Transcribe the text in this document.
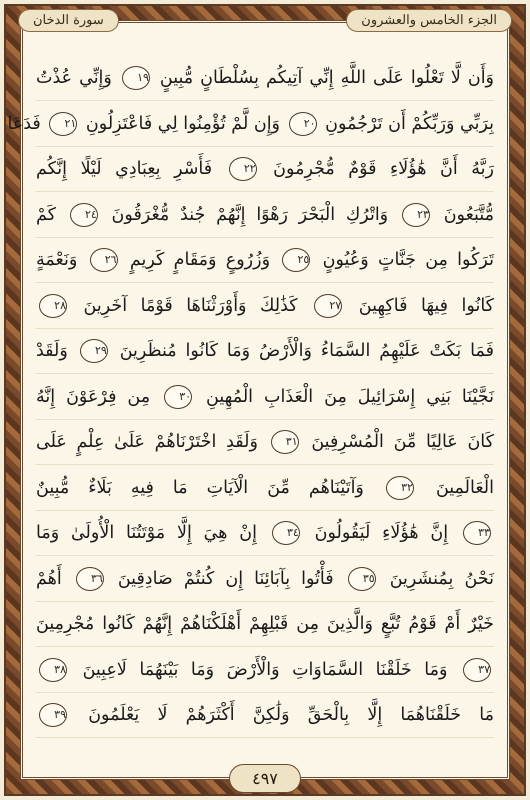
الجزء الخامس والعشرون
سورة الدخان
وَأَن لَّا تَعْلُوا عَلَى اللَّهِ إِنِّي آتِيكُم بِسُلْطَانٍ مُّبِينٍ ١٩ وَإِنِّي عُذْتُ
بِرَبِّي وَرَبِّكُمْ أَن تَرْجُمُونِ ٢٠ وَإِن لَّمْ تُؤْمِنُوا لِي فَاعْتَزِلُونِ ٢١ فَدَعَا
رَبَّهُ أَنَّ هَٰؤُلَاءِ قَوْمٌ مُّجْرِمُونَ ٢٢ فَأَسْرِ بِعِبَادِي لَيْلًا إِنَّكُم
مُّتَّبَعُونَ ٢٣ وَاتْرُكِ الْبَحْرَ رَهْوًا إِنَّهُمْ جُندٌ مُّغْرَقُونَ ٢٤ كَمْ
تَرَكُوا مِن جَنَّاتٍ وَعُيُونٍ ٢٥ وَزُرُوعٍ وَمَقَامٍ كَرِيمٍ ٢٦ وَنَعْمَةٍ
كَانُوا فِيهَا فَاكِهِينَ ٢٧ كَذَٰلِكَ وَأَوْرَثْنَاهَا قَوْمًا آخَرِينَ ٢٨
فَمَا بَكَتْ عَلَيْهِمُ السَّمَاءُ وَالْأَرْضُ وَمَا كَانُوا مُنظَرِينَ ٢٩ وَلَقَدْ
نَجَّيْنَا بَنِي إِسْرَائِيلَ مِنَ الْعَذَابِ الْمُهِينِ ٣٠ مِن فِرْعَوْنَ إِنَّهُ
كَانَ عَالِيًا مِّنَ الْمُسْرِفِينَ ٣١ وَلَقَدِ اخْتَرْنَاهُمْ عَلَىٰ عِلْمٍ عَلَى
الْعَالَمِينَ ٣٢ وَآتَيْنَاهُم مِّنَ الْآيَاتِ مَا فِيهِ بَلَاءٌ مُّبِينٌ
٣٣ إِنَّ هَٰؤُلَاءِ لَيَقُولُونَ ٣٤ إِنْ هِيَ إِلَّا مَوْتَتُنَا الْأُولَىٰ وَمَا
نَحْنُ بِمُنشَرِينَ ٣٥ فَأْتُوا بِآبَائِنَا إِن كُنتُمْ صَادِقِينَ ٣٦ أَهُمْ
خَيْرٌ أَمْ قَوْمُ تُبَّعٍ وَالَّذِينَ مِن قَبْلِهِمْ أَهْلَكْنَاهُمْ إِنَّهُمْ كَانُوا مُجْرِمِينَ
٣٧ وَمَا خَلَقْنَا السَّمَاوَاتِ وَالْأَرْضَ وَمَا بَيْنَهُمَا لَاعِبِينَ ٣٨
مَا خَلَقْنَاهُمَا إِلَّا بِالْحَقِّ وَلَٰكِنَّ أَكْثَرَهُمْ لَا يَعْلَمُونَ ٣٩
٤٩٧
